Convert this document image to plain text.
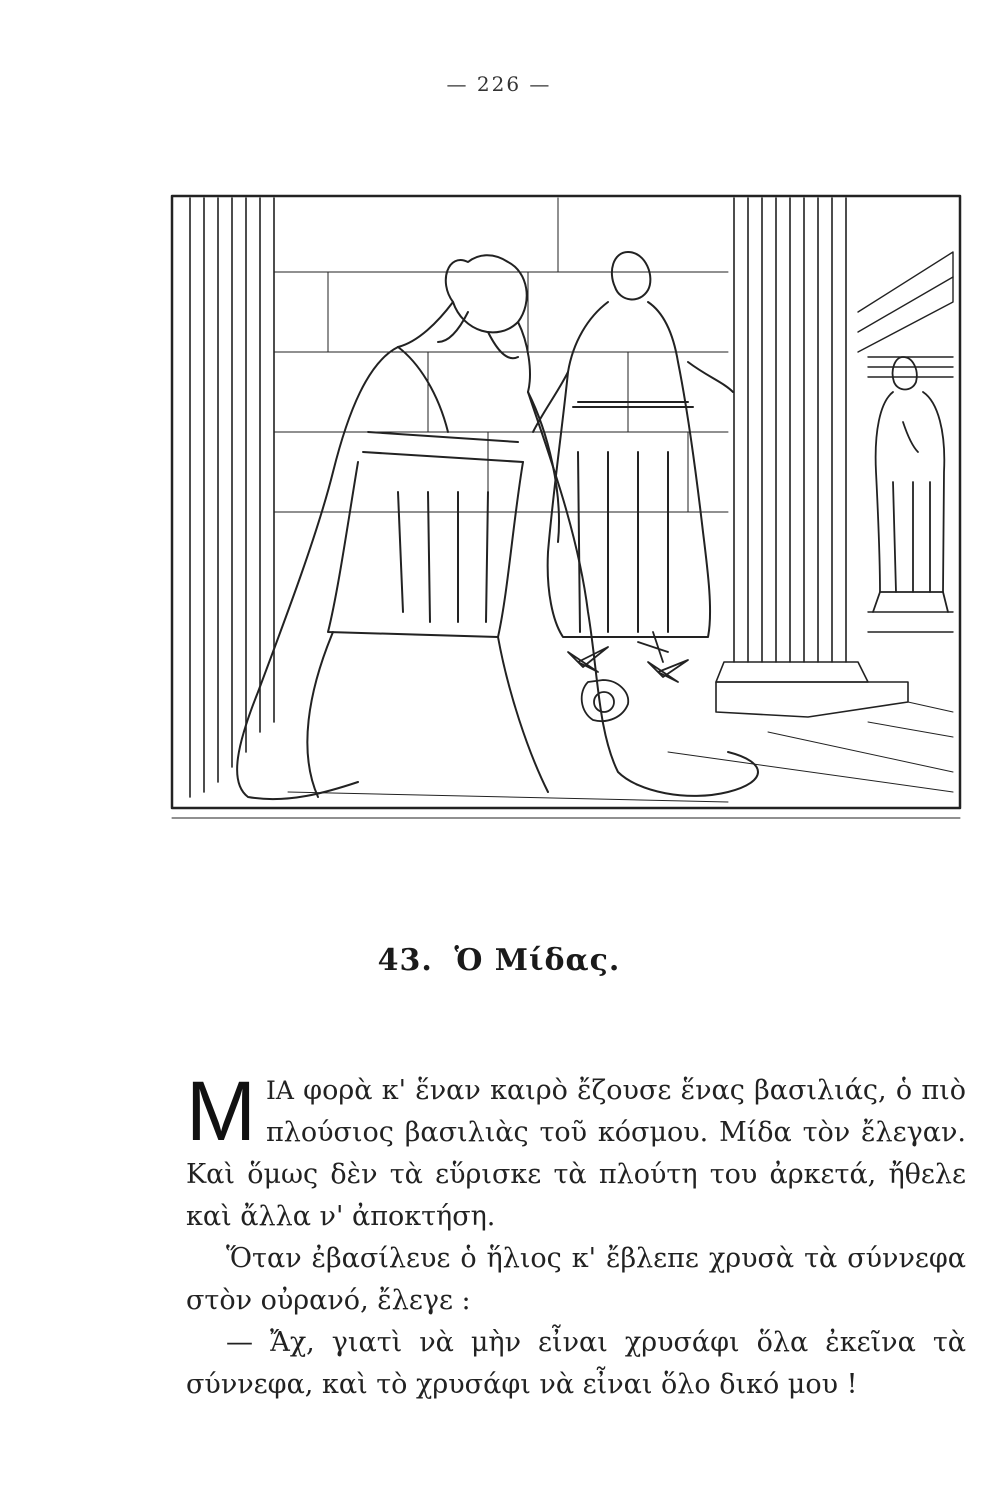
— 226 —
43. Ὁ Μίδας.

M ΙΑ φορὰ κ' ἕναν καιρὸ ἔζουσε ἕνας βασιλιάς, ὁ πιὸ πλούσιος βασιλιὰς τοῦ κόσμου. Μίδα τὸν ἔλεγαν. Καὶ ὅμως δὲν τὰ εὕρισκε τὰ πλούτη του ἀρκετά, ἤθελε καὶ ἄλλα ν' ἀποκτήση.

Ὅταν ἐβασίλευε ὁ ἥλιος κ' ἔβλεπε χρυσὰ τὰ σύννεφα στὸν οὐρανό, ἔλεγε :

— Ἄχ, γιατὶ νὰ μὴν εἶναι χρυσάφι ὅλα ἐκεῖνα τὰ σύννεφα, καὶ τὸ χρυσάφι νὰ εἶναι ὅλο δικό μου !
